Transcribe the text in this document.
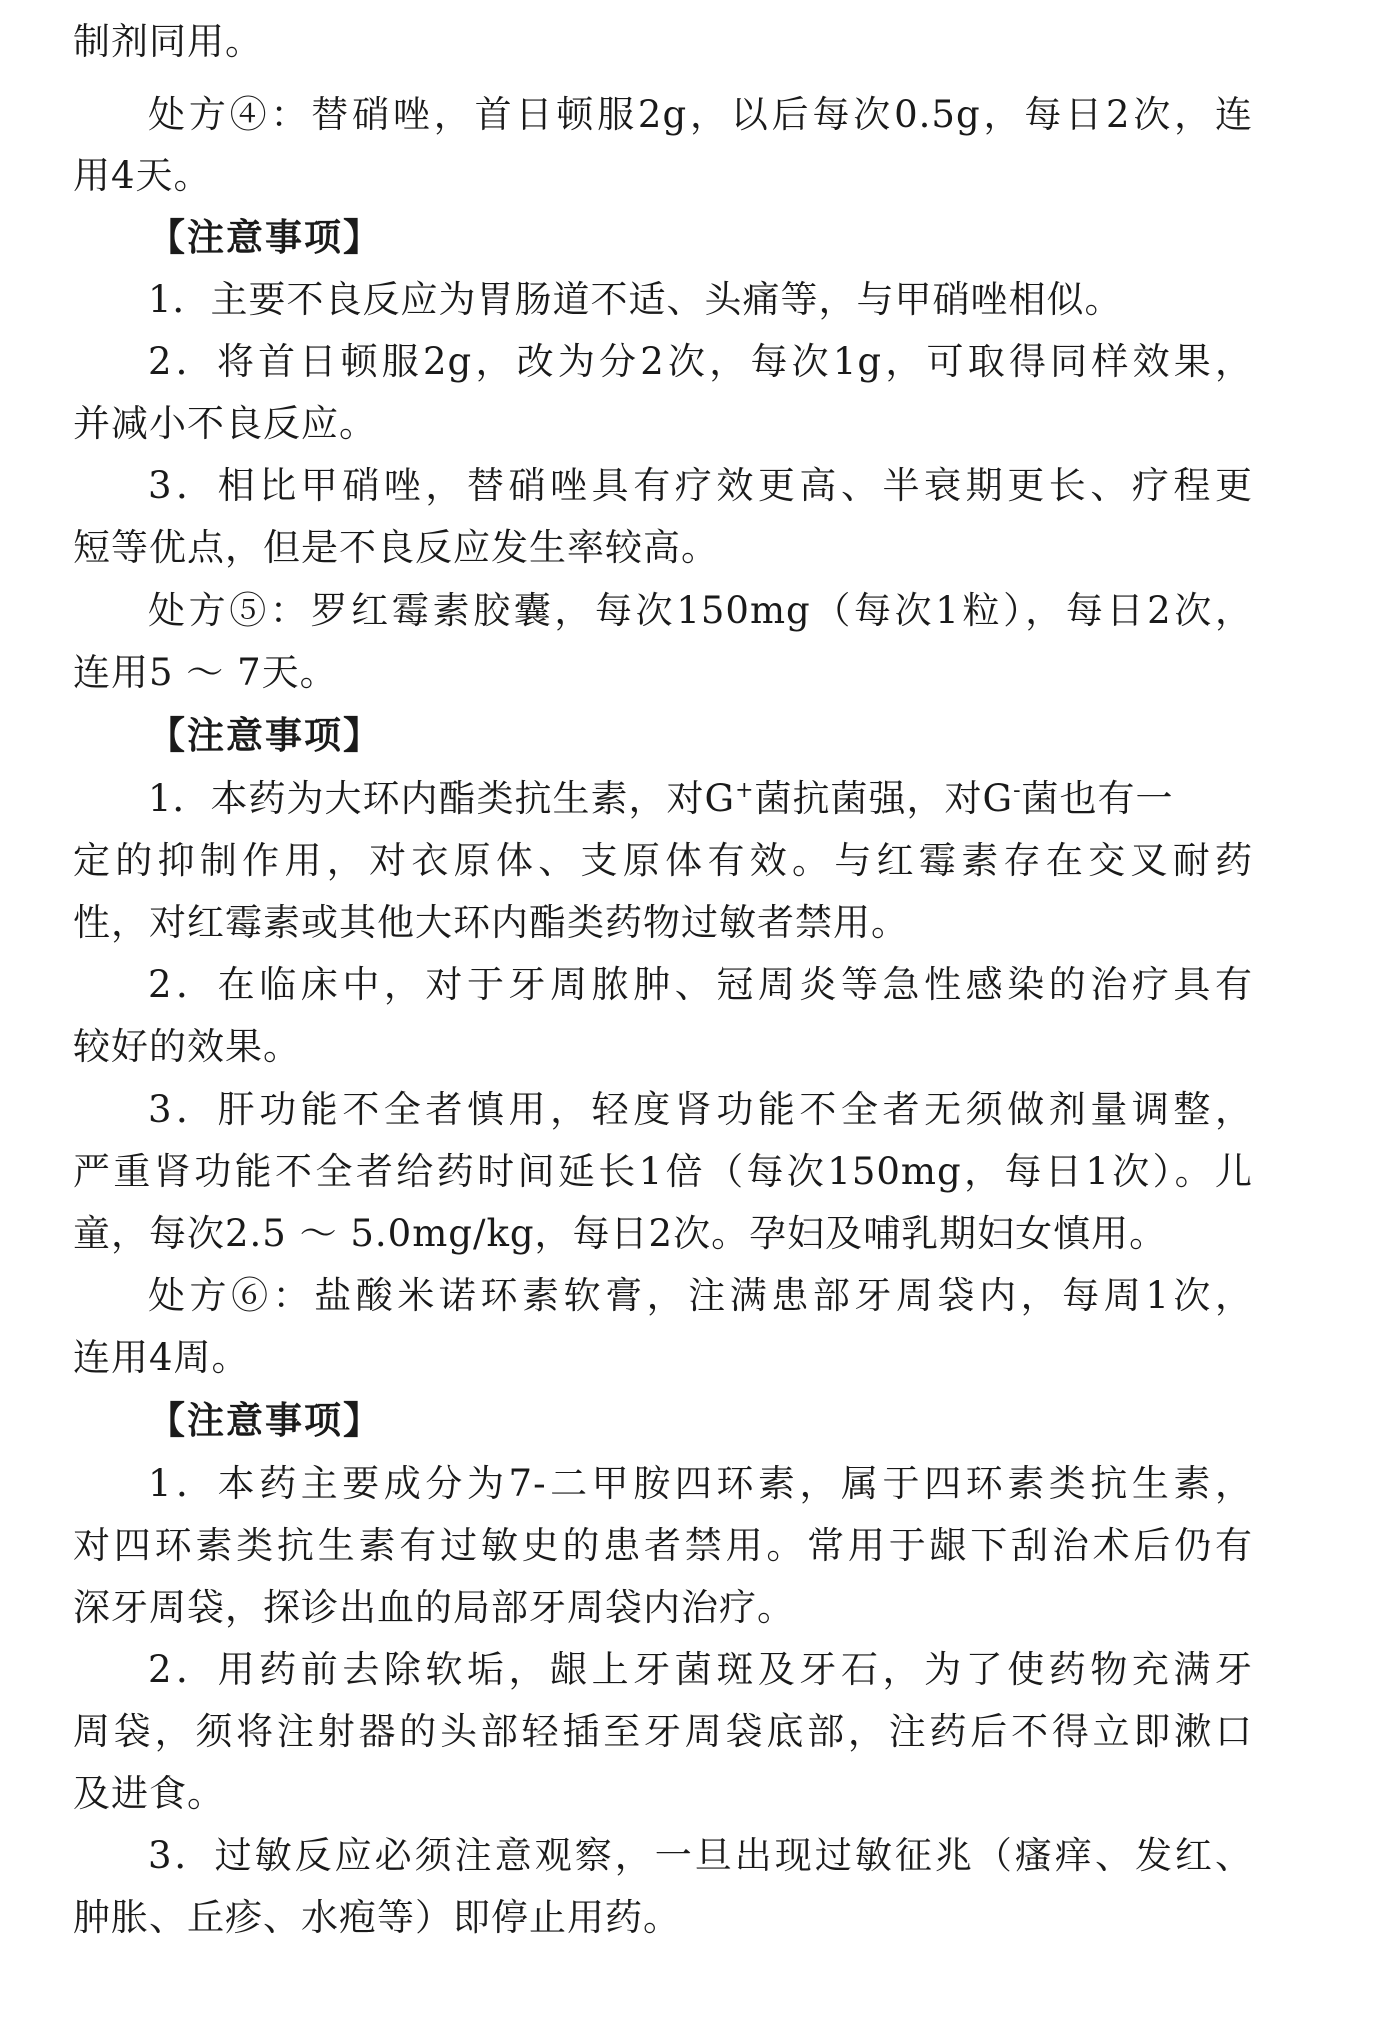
制剂同用。
处方④：替硝唑，首日顿服2g，以后每次0.5g，每日2次，连
用4天。
【注意事项】
1．主要不良反应为胃肠道不适、头痛等，与甲硝唑相似。
2．将首日顿服2g，改为分2次，每次1g，可取得同样效果，
并减小不良反应。
3．相比甲硝唑，替硝唑具有疗效更高、半衰期更长、疗程更
短等优点，但是不良反应发生率较高。
处方⑤：罗红霉素胶囊，每次150mg（每次1粒），每日2次，
连用5 ～ 7天。
【注意事项】
1．本药为大环内酯类抗生素，对G+菌抗菌强，对G-菌也有一
定的抑制作用，对衣原体、支原体有效。与红霉素存在交叉耐药
性，对红霉素或其他大环内酯类药物过敏者禁用。
2．在临床中，对于牙周脓肿、冠周炎等急性感染的治疗具有
较好的效果。
3．肝功能不全者慎用，轻度肾功能不全者无须做剂量调整，
严重肾功能不全者给药时间延长1倍（每次150mg，每日1次）。儿
童，每次2.5 ～ 5.0mg/kg，每日2次。孕妇及哺乳期妇女慎用。
处方⑥：盐酸米诺环素软膏，注满患部牙周袋内，每周1次，
连用4周。
【注意事项】
1．本药主要成分为7-二甲胺四环素，属于四环素类抗生素，
对四环素类抗生素有过敏史的患者禁用。常用于龈下刮治术后仍有
深牙周袋，探诊出血的局部牙周袋内治疗。
2．用药前去除软垢，龈上牙菌斑及牙石，为了使药物充满牙
周袋，须将注射器的头部轻插至牙周袋底部，注药后不得立即漱口
及进食。
3．过敏反应必须注意观察，一旦出现过敏征兆（瘙痒、发红、
肿胀、丘疹、水疱等）即停止用药。
